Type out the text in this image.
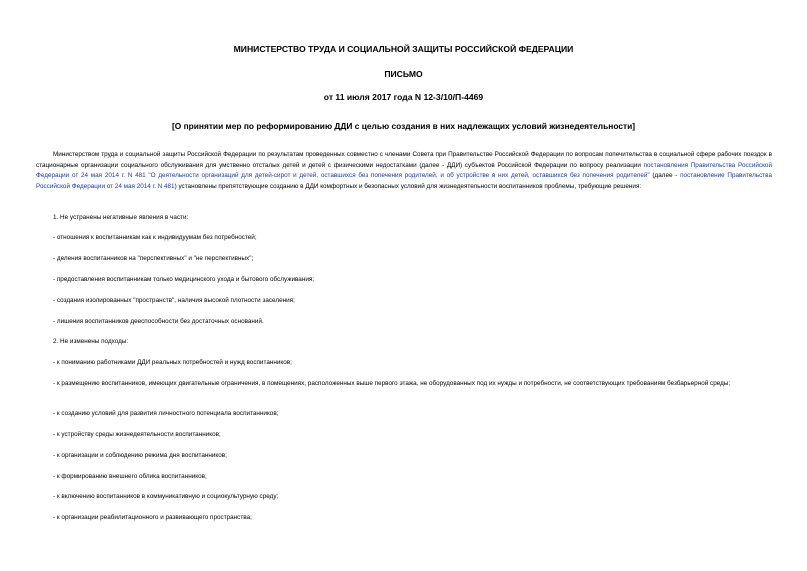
МИНИСТЕРСТВО ТРУДА И СОЦИАЛЬНОЙ ЗАЩИТЫ РОССИЙСКОЙ ФЕДЕРАЦИИ
ПИСЬМО
от 11 июля 2017 года N 12-3/10/П-4469
[О принятии мер по реформированию ДДИ с целью создания в них надлежащих условий жизнедеятельности]
Министерством труда и социальной защиты Российской Федерации по результатам проведенных совместно с членами Совета при Правительстве Российской Федерации по вопросам попечительства в социальной сфере рабочих поездок в стационарные организации социального обслуживания для умственно отсталых детей и детей с физическими недостатками (далее - ДДИ) субъектов Российской Федерации по вопросу реализации постановления Правительства Российской Федерации от 24 мая 2014 г. N 481 "О деятельности организаций для детей-сирот и детей, оставшихся без попечения родителей, и об устройстве в них детей, оставшихся без попечения родителей" (далее - постановление Правительства Российской Федерации от 24 мая 2014 г. N 481) установлены препятствующие созданию в ДДИ комфортных и безопасных условий для жизнедеятельности воспитанников проблемы, требующие решения:
1. Не устранены негативные явления в части:
- отношения к воспитанникам как к индивидуумам без потребностей;
- деления воспитанников на "перспективных" и "не перспективных";
- предоставления воспитанникам только медицинского ухода и бытового обслуживания;
- создания изолированных "пространств", наличия высокой плотности заселения;
- лишения воспитанников дееспособности без достаточных оснований.
2. Не изменены подходы:
- к пониманию работниками ДДИ реальных потребностей и нужд воспитанников;
- к размещению воспитанников, имеющих двигательные ограничения, в помещениях, расположенных выше первого этажа, не оборудованных под их нужды и потребности, не соответствующих требованиям безбарьерной среды;
- к созданию условий для развития личностного потенциала воспитанников;
- к устройству среды жизнедеятельности воспитанников;
- к организации и соблюдению режима дня воспитанников;
- к формированию внешнего облика воспитанников;
- к включению воспитанников в коммуникативную и социокультурную среду;
- к организации реабилитационного и развивающего пространства;
